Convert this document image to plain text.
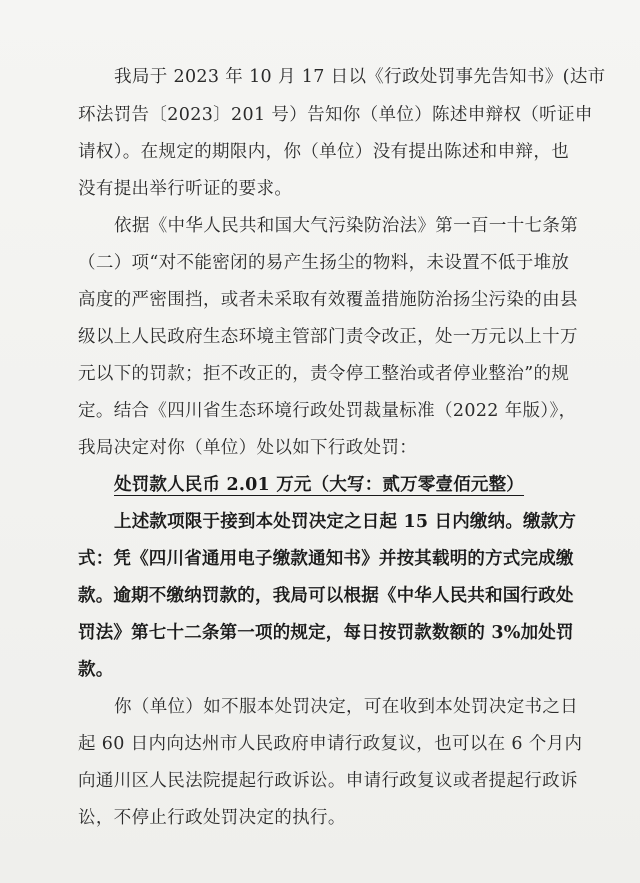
我局于 2023 年 10 月 17 日以《行政处罚事先告知书》(达市
环法罚告〔2023〕201 号）告知你（单位）陈述申辩权（听证申
请权）。在规定的期限内，你（单位）没有提出陈述和申辩，也
没有提出举行听证的要求。
依据《中华人民共和国大气污染防治法》第一百一十七条第
（二）项“对不能密闭的易产生扬尘的物料，未设置不低于堆放
高度的严密围挡，或者未采取有效覆盖措施防治扬尘污染的由县
级以上人民政府生态环境主管部门责令改正，处一万元以上十万
元以下的罚款；拒不改正的，责令停工整治或者停业整治”的规
定。结合《四川省生态环境行政处罚裁量标准（2022 年版）》，
我局决定对你（单位）处以如下行政处罚：
处罚款人民币 2.01 万元（大写：贰万零壹佰元整）
上述款项限于接到本处罚决定之日起 15 日内缴纳。缴款方
式：凭《四川省通用电子缴款通知书》并按其载明的方式完成缴
款。逾期不缴纳罚款的，我局可以根据《中华人民共和国行政处
罚法》第七十二条第一项的规定，每日按罚款数额的 3%加处罚
款。
你（单位）如不服本处罚决定，可在收到本处罚决定书之日
起 60 日内向达州市人民政府申请行政复议，也可以在 6 个月内
向通川区人民法院提起行政诉讼。申请行政复议或者提起行政诉
讼，不停止行政处罚决定的执行。
